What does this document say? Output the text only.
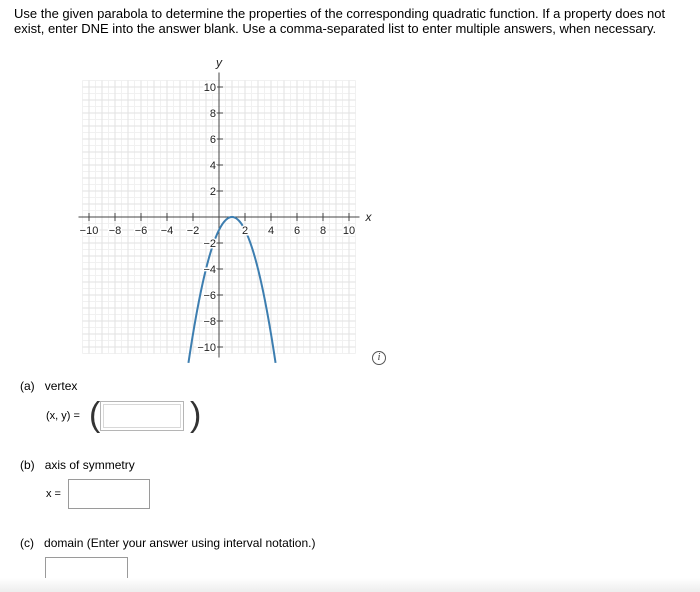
Use the given parabola to determine the properties of the corresponding quadratic function. If a property does not exist, enter DNE into the answer blank. Use a comma-separated list to enter multiple answers, when necessary.

−10 −8 −6 −4 −2	2 4 6 8 10
10
8
6
4
2
−2
−4
−6
−8
−10
x
y
i
(a) vertex
(x, y) = (	)
(b) axis of symmetry
x =
(c) domain (Enter your answer using interval notation.)
